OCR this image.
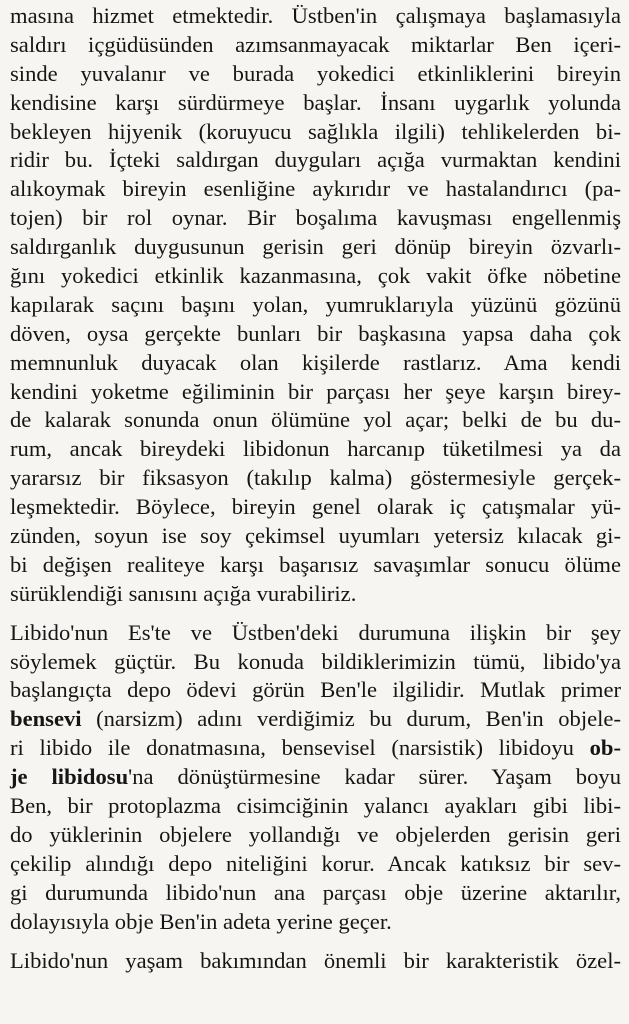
masına hizmet etmektedir. Üstben'in çalışmaya başlamasıyla
saldırı içgüdüsünden azımsanmayacak miktarlar Ben içeri-
sinde yuvalanır ve burada yokedici etkinliklerini bireyin
kendisine karşı sürdürmeye başlar. İnsanı uygarlık yolunda
bekleyen hijyenik (koruyucu sağlıkla ilgili) tehlikelerden bi-
ridir bu. İçteki saldırgan duyguları açığa vurmaktan kendini
alıkoymak bireyin esenliğine aykırıdır ve hastalandırıcı (pa-
tojen) bir rol oynar. Bir boşalıma kavuşması engellenmiş
saldırganlık duygusunun gerisin geri dönüp bireyin özvarlı-
ğını yokedici etkinlik kazanmasına, çok vakit öfke nöbetine
kapılarak saçını başını yolan, yumruklarıyla yüzünü gözünü
döven, oysa gerçekte bunları bir başkasına yapsa daha çok
memnunluk duyacak olan kişilerde rastlarız. Ama kendi
kendini yoketme eğiliminin bir parçası her şeye karşın birey-
de kalarak sonunda onun ölümüne yol açar; belki de bu du-
rum, ancak bireydeki libidonun harcanıp tüketilmesi ya da
yararsız bir fiksasyon (takılıp kalma) göstermesiyle gerçek-
leşmektedir. Böylece, bireyin genel olarak iç çatışmalar yü-
zünden, soyun ise soy çekimsel uyumları yetersiz kılacak gi-
bi değişen realiteye karşı başarısız savaşımlar sonucu ölüme
sürüklendiği sanısını açığa vurabiliriz.
Libido'nun Es'te ve Üstben'deki durumuna ilişkin bir şey
söylemek güçtür. Bu konuda bildiklerimizin tümü, libido'ya
başlangıçta depo ödevi görün Ben'le ilgilidir. Mutlak primer
bensevi (narsizm) adını verdiğimiz bu durum, Ben'in objele-
ri libido ile donatmasına, bensevisel (narsistik) libidoyu ob-
je libidosu'na dönüştürmesine kadar sürer. Yaşam boyu
Ben, bir protoplazma cisimciğinin yalancı ayakları gibi libi-
do yüklerinin objelere yollandığı ve objelerden gerisin geri
çekilip alındığı depo niteliğini korur. Ancak katıksız bir sev-
gi durumunda libido'nun ana parçası obje üzerine aktarılır,
dolayısıyla obje Ben'in adeta yerine geçer.
Libido'nun yaşam bakımından önemli bir karakteristik özel-
